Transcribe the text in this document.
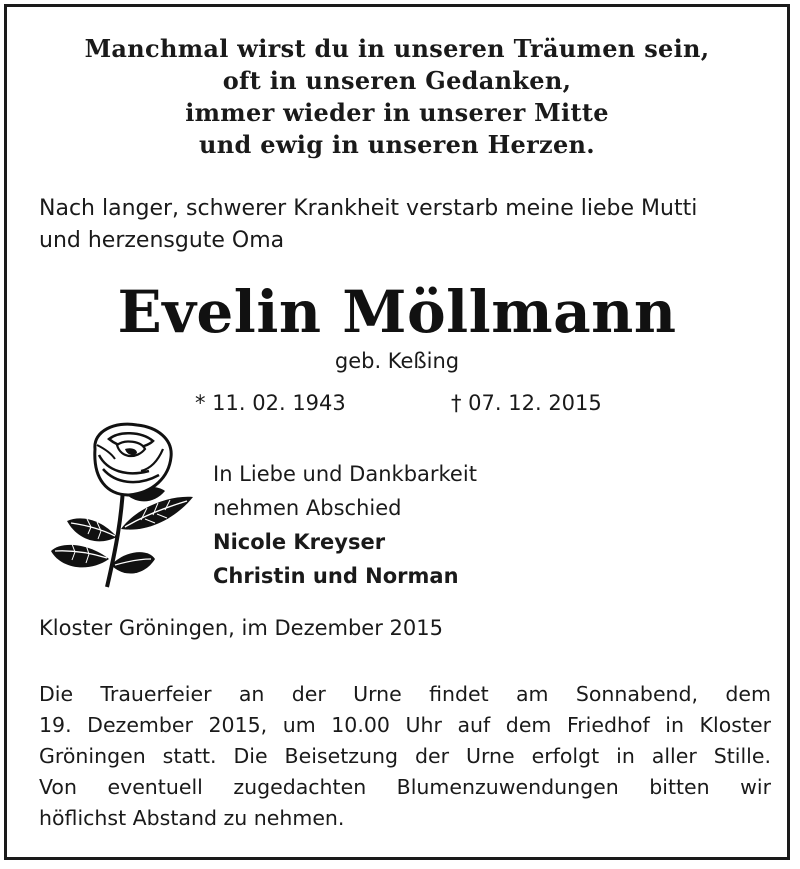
Manchmal wirst du in unseren Träumen sein,
oft in unseren Gedanken,
immer wieder in unserer Mitte
und ewig in unseren Herzen.
Nach langer, schwerer Krankheit verstarb meine liebe Mutti
und herzensgute Oma
Evelin Möllmann
geb. Keßing
* 11. 02. 1943	† 07. 12. 2015
In Liebe und Dankbarkeit
nehmen Abschied
Nicole Kreyser
Christin und Norman
Kloster Gröningen, im Dezember 2015
Die Trauerfeier an der Urne findet am Sonnabend, dem
19. Dezember 2015, um 10.00 Uhr auf dem Friedhof in Kloster
Gröningen statt. Die Beisetzung der Urne erfolgt in aller Stille.
Von eventuell zugedachten Blumenzuwendungen bitten wir
höflichst Abstand zu nehmen.
